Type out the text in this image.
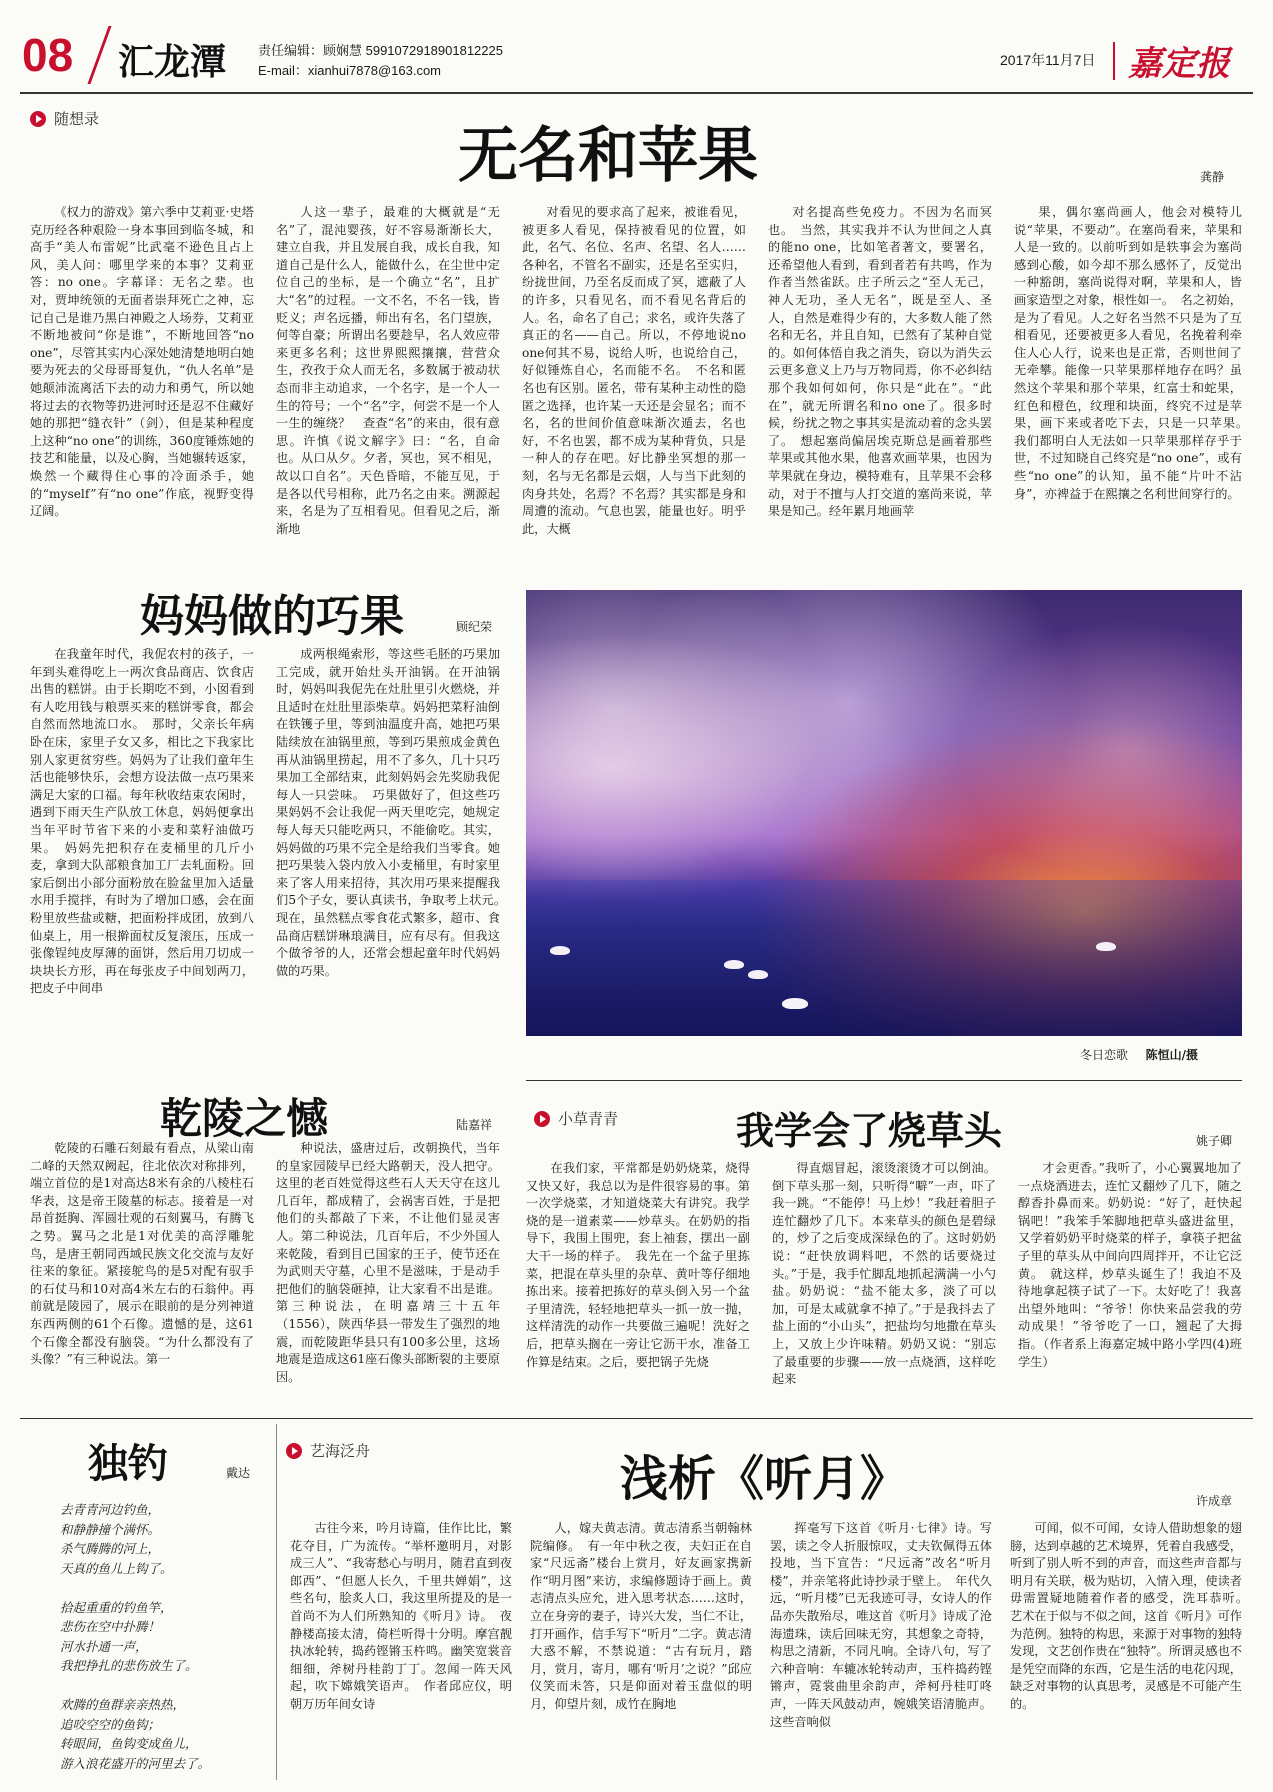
08 汇龙潭 责任编辑：顾娴慧 5991072918901812225
E-mail：xianhui7878@163.com
2017年11月7日 嘉定报
随想录
无名和苹果	龚静

《权力的游戏》第六季中艾莉亚·史塔克历经各种艰险一身本事回到临冬城，和高手“美人布雷妮”比武毫不逊色且占上风，美人问：哪里学来的本事？艾莉亚答：no one。字幕译：无名之辈。也对，贾坤统领的无面者崇拜死亡之神，忘记自己是谁乃黑白神殿之人场券，艾莉亚不断地被问“你是谁”，不断地回答“no one”，尽管其实内心深处她清楚地明白她要为死去的父母哥哥复仇，“仇人名单”是她颠沛流离活下去的动力和勇气，所以她将过去的衣物等扔进河时还是忍不住藏好她的那把“缝衣针”（剑），但是某种程度上这种“no one”的训练，360度锤炼她的技艺和能量，以及心胸，当她辗转返家，焕然一个藏得住心事的冷面杀手，她的“myself”有“no one”作底，视野变得辽阔。

人这一辈子，最难的大概就是“无名”了，混沌婴孩，好不容易渐渐长大，建立自我，并且发展自我，成长自我，知道自己是什么人，能做什么，在尘世中定位自己的坐标，是一个确立“名”，且扩大“名”的过程。一文不名，不名一钱，皆贬义；声名远播，师出有名，名门望族，何等自豪；所谓出名要趁早，名人效应带来更多名利；这世界熙熙攘攘，营营众生，孜孜于众人而无名，多数属于被动状态而非主动追求，一个名字，是一个人一生的符号；一个“名”字，何尝不是一个人一生的缠绕？　查查“名”的来由，很有意思。许慎《说文解字》曰：“名，自命也。从口从夕。夕者，冥也，冥不相见，故以口自名”。天色昏暗，不能互见，于是各以代号相称，此乃名之由来。溯源起来，名是为了互相看见。但看见之后，渐渐地

对看见的要求高了起来，被谁看见，被更多人看见，保持被看见的位置，如此，名气、名位、名声、名望、名人……各种名，不管名不副实，还是名至实归，纷拢世间，乃至名反而成了冥，遮蔽了人的许多，只看见名，而不看见名背后的人。名，命名了自己；求名，或许失落了真正的名——自己。所以，不停地说no one何其不易，说给人听，也说给自己，好似锤炼自心，名而能不名。　不名和匿名也有区别。匿名，带有某种主动性的隐匿之选择，也许某一天还是会显名；而不名，名的世间价值意味渐次遁去，名也好，不名也罢，都不成为某种背负，只是一种人的存在吧。好比静坐冥想的那一刻，名与无名都是云烟，人与当下此刻的肉身共处，名焉？不名焉？其实都是身和周遭的流动。气息也罢，能量也好。明乎此，大概

对名提高些免疫力。不因为名而冥也。　当然，其实我并不认为世间之人真的能no one，比如笔者著文，要署名，还希望他人看到，看到者若有共鸣，作为作者当然雀跃。庄子所云之“至人无己，神人无功，圣人无名”，既是至人、圣人，自然是难得少有的，大多数人能了然名和无名，并且自知，已然有了某种自觉的。如何体悟自我之消失，窃以为消失云云更多意义上乃与万物同焉，你不必纠结那个我如何如何，你只是“此在”。“此在”，就无所谓名和no one了。很多时候，纷扰之物之事其实是流动着的念头罢了。　想起塞尚偏居埃克斯总是画着那些苹果或其他水果，他喜欢画苹果，也因为苹果就在身边，模特难有，且苹果不会移动，对于不擅与人打交道的塞尚来说，苹果是知己。经年累月地画苹

果，偶尔塞尚画人，他会对模特儿说“苹果，不要动”。在塞尚看来，苹果和人是一致的。以前听到如是轶事会为塞尚感到心酸，如今却不那么感怀了，反觉出一种豁朗，塞尚说得对啊，苹果和人，皆画家造型之对象，根性如一。　名之初始，是为了看见。人之好名当然不只是为了互相看见，还要被更多人看见，名挽着利牵住人心人行，说来也是正常，否则世间了无牵攀。能像一只苹果那样地存在吗？虽然这个苹果和那个苹果，红富士和蛇果，红色和橙色，纹理和块面，终究不过是苹果，画下来或者吃下去，只是一只苹果。　我们都明白人无法如一只苹果那样存乎于世，不过知晓自己终究是“no one”，或有些“no one”的认知，虽不能“片叶不沾身”，亦裨益于在熙攘之名利世间穿行的。

妈妈做的巧果	顾纪荣

在我童年时代，我伲农村的孩子，一年到头难得吃上一两次食品商店、饮食店出售的糕饼。由于长期吃不到，小囡看到有人吃用钱与粮票买来的糕饼零食，都会自然而然地流口水。　那时，父亲长年病卧在床，家里子女又多，相比之下我家比别人家更贫穷些。妈妈为了让我们童年生活也能够快乐，会想方设法做一点巧果来满足大家的口福。每年秋收结束农闲时，遇到下雨天生产队放工休息，妈妈便拿出当年平时节省下来的小麦和菜籽油做巧果。　妈妈先把积存在麦桶里的几斤小麦，拿到大队部粮食加工厂去轧面粉。回家后倒出小部分面粉放在脸盆里加入适量水用手搅拌，有时为了增加口感，会在面粉里放些盐或糖，把面粉拌成团，放到八仙桌上，用一根擀面杖反复滚压，压成一张像锃纯皮厚薄的面饼，然后用刀切成一块块长方形，再在每张皮子中间划两刀，把皮子中间串

成两根绳索形，等这些毛胚的巧果加工完成，就开始灶头开油锅。在开油锅时，妈妈叫我伲先在灶肚里引火燃烧，并且适时在灶肚里添柴草。妈妈把菜籽油倒在铁镬子里，等到油温度升高，她把巧果陆续放在油锅里煎，等到巧果煎成金黄色再从油锅里捞起，用不了多久，几十只巧果加工全部结束，此刻妈妈会先奖励我伲每人一只尝味。　巧果做好了，但这些巧果妈妈不会让我伲一两天里吃完，她规定每人每天只能吃两只，不能偷吃。其实，妈妈做的巧果不完全是给我们当零食。她把巧果装入袋内放入小麦桶里，有时家里来了客人用来招待，其次用巧果来提醒我们5个子女，要认真读书，争取考上状元。　现在，虽然糕点零食花式繁多，超市、食品商店糕饼琳琅满目，应有尽有。但我这个做爷爷的人，还常会想起童年时代妈妈做的巧果。

冬日恋歌 陈恒山/摄
乾陵之憾	陆嘉祥

乾陵的石雕石刻最有看点，从梁山南二峰的天然双阙起，往北依次对称排列，端立首位的是1对高达8米有余的八棱柱石华表，这是帝王陵墓的标志。接着是一对昂首挺胸、浑圆壮观的石刻翼马，有腾飞之势。翼马之北是1对优美的高浮雕鸵鸟，是唐王朝同西域民族文化交流与友好往来的象征。紧接鸵鸟的是5对配有驭手的石仗马和10对高4米左右的石翁仲。再前就是陵园了，展示在眼前的是分列神道东西两侧的61个石像。遗憾的是，这61个石像全都没有脑袋。“为什么都没有了头像？”有三种说法。第一

种说法，盛唐过后，改朝换代，当年的皇家园陵早已经大路朝天，没人把守。这里的老百姓觉得这些石人天天守在这儿几百年，都成精了，会祸害百姓，于是把他们的头都敲了下来，不让他们显灵害人。第二种说法，几百年后，不少外国人来乾陵，看到目已国家的王子，使节还在为武则天守墓，心里不是滋味，于是动手把他们的脑袋砸掉，让大家看不出是谁。第三种说法，在明嘉靖三十五年（1556），陕西华县一带发生了强烈的地震，而乾陵距华县只有100多公里，这场地震是造成这61座石像头部断裂的主要原因。

小草青青	我学会了烧草头	姚子卿

在我们家，平常都是奶奶烧菜，烧得又快又好，我总以为是件很容易的事。第一次学烧菜，才知道烧菜大有讲究。我学烧的是一道素菜——炒草头。在奶奶的指导下，我围上围兜，套上袖套，摆出一副大干一场的样子。　我先在一个盆子里拣菜，把混在草头里的杂草、黄叶等仔细地拣出来。接着把拣好的草头倒入另一个盆子里清洗，轻轻地把草头一抓一放一抛，这样清洗的动作一共要做三遍呢！洗好之后，把草头搁在一旁让它沥干水，准备工作算是结束。之后，要把锅子先烧

得直烟冒起，滚烫滚烫才可以倒油。倒下草头那一刻，只听得“噼”一声，吓了我一跳。“不能停！马上炒！”我赶着胆子连忙翻炒了几下。本来草头的颜色是碧绿的，炒了之后变成深绿色的了。这时奶奶说：“赶快放调料吧，不然的话要烧过头。”于是，我手忙脚乱地抓起满满一小勺盐。奶奶说：“盐不能太多，淡了可以加，可是太咸就拿不掉了。”于是我抖去了盐上面的“小山头”，把盐均匀地撒在草头上，又放上少许味精。奶奶又说：“别忘了最重要的步骤——放一点烧酒，这样吃起来

才会更香。”我听了，小心翼翼地加了一点烧酒进去，连忙又翻炒了几下，随之醇香扑鼻而来。奶奶说：“好了，赶快起锅吧！”我笨手笨脚地把草头盛进盆里，又学着奶奶平时烧菜的样子，拿筷子把盆子里的草头从中间向四周拌开，不让它泛黄。　就这样，炒草头诞生了！我迫不及待地拿起筷子试了一下。太好吃了！我喜出望外地叫：“爷爷！你快来品尝我的劳动成果！”爷爷吃了一口，翘起了大拇指。（作者系上海嘉定城中路小学四(4)班学生）

独钓	戴达

去青青河边钓鱼，

和静静撞个满怀。

杀气腾腾的河上，

天真的鱼儿上钩了。

拾起重重的钓鱼竿，

悲伤在空中扑腾！

河水扑通一声，

我把挣扎的悲伤放生了。

欢腾的鱼群亲亲热热，

追咬空空的鱼钩；

转眼间，鱼钩变成鱼儿，

游入浪花盛开的河里去了。

艺海泛舟	浅析《听月》	许成章

古往今来，吟月诗篇，佳作比比，繁花夺目，广为流传。“举杯邀明月，对影成三人”、“我寄愁心与明月，随君直到夜郎西”、“但愿人长久，千里共婵娟”，这些名句，脍炙人口，我这里所提及的是一首尚不为人们所熟知的《听月》诗。　夜静楼高接太清，倚栏听得十分明。摩宫靓执冰轮转，捣药铿锵玉杵鸣。幽笑宽裳音细细，斧树丹桂韵丁丁。忽闻一阵天风起，吹下嫦娥笑语声。　作者邱应仪，明朝万历年间女诗

人，嫁夫黄志清。黄志清系当朝翰林院编修。　有一年中秋之夜，夫妇正在自家“尺远斋”楼台上赏月，好友画家携新作“明月图”来访，求编修题诗于画上。黄志清点头应允，进入思考状态……这时，立在身旁的妻子，诗兴大发，当仁不让，打开画作，信手写下“听月”二字。黄志清大惑不解，不禁说道：“古有玩月，踏月，赏月，寄月，哪有‘听月’之说？”邱应仪笑而未答，只是仰面对着玉盘似的明月，仰望片刻，成竹在胸地

挥毫写下这首《听月·七律》诗。写罢，读之令人折服惊叹，丈夫钦佩得五体投地，当下宣告：“尺远斋”改名“听月楼”，并亲笔将此诗抄录于壁上。　年代久远，“听月楼”已无我迹可寻，女诗人的作品亦失散殆尽，唯这首《听月》诗成了沧海遗珠，读后回味无穷，其想象之奇特，构思之清新，不同凡响。全诗八句，写了六种音响：车辘冰轮转动声，玉杵捣药铿锵声，霓裳曲里余韵声，斧柯丹桂叮咚声，一阵天风鼓动声，婉娥笑语清脆声。这些音响似

可闻，似不可闻，女诗人借助想象的翅膀，达到卓越的艺术境界，凭着自我感受，听到了别人听不到的声音，而这些声音都与明月有关联，极为贴切，入情入理，使读者毋需置疑地随着作者的感受，洗耳恭听。　艺术在于似与不似之间，这首《听月》可作为范例。独特的构思，来源于对事物的独特发现，文艺创作贵在“独特”。所谓灵感也不是凭空而降的东西，它是生活的电花闪现，缺乏对事物的认真思考，灵感是不可能产生的。
